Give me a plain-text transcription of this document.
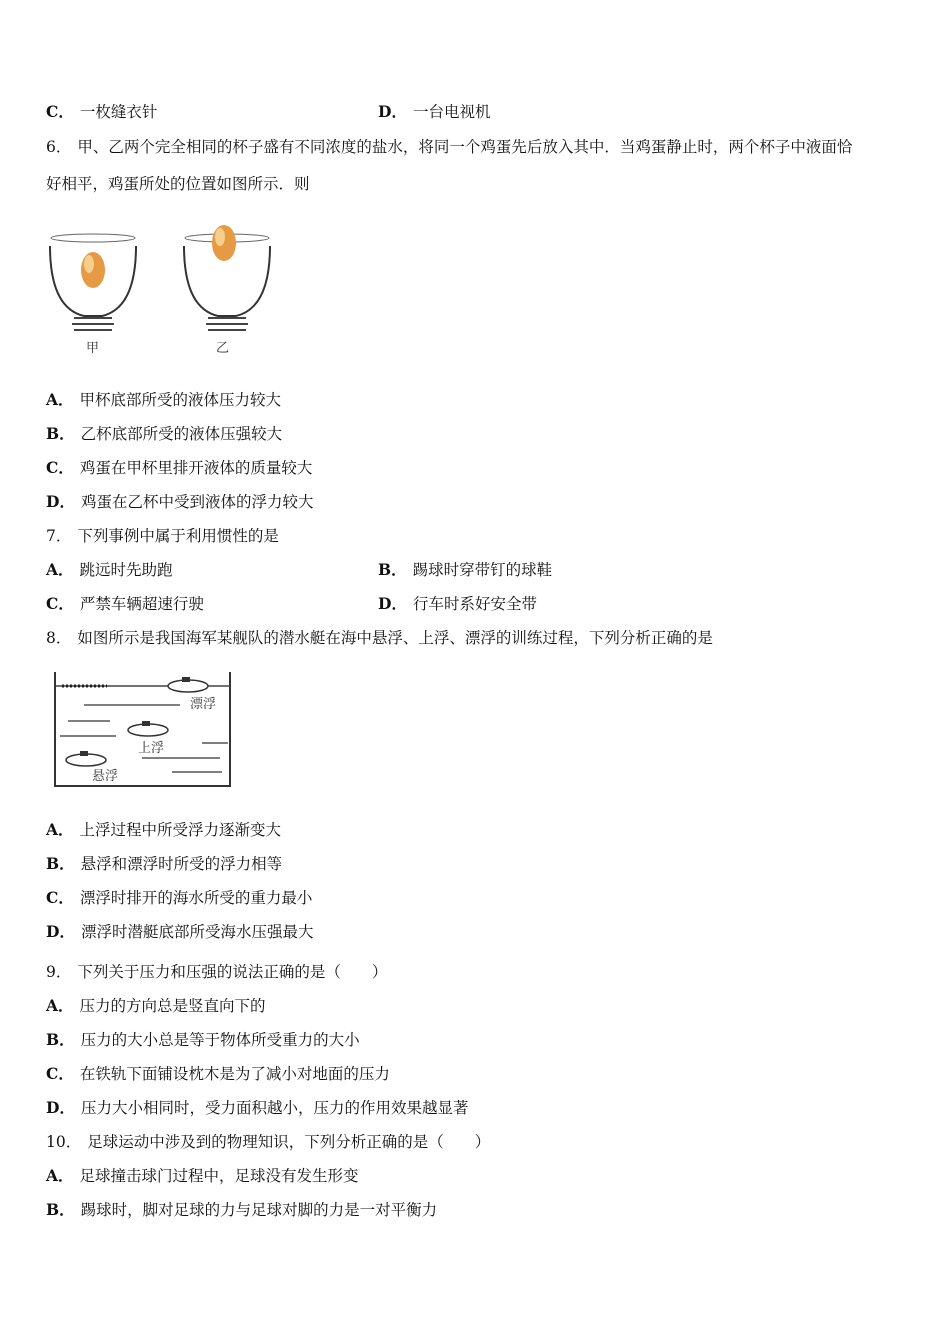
C． 一枚缝衣针	D． 一台电视机
6． 甲、乙两个完全相同的杯子盛有不同浓度的盐水，将同一个鸡蛋先后放入其中．当鸡蛋静止时，两个杯子中液面恰
好相平，鸡蛋所处的位置如图所示．则
甲	乙
A． 甲杯底部所受的液体压力较大
B． 乙杯底部所受的液体压强较大
C． 鸡蛋在甲杯里排开液体的质量较大
D． 鸡蛋在乙杯中受到液体的浮力较大
7． 下列事例中属于利用惯性的是
A． 跳远时先助跑	B． 踢球时穿带钉的球鞋
C． 严禁车辆超速行驶	D． 行车时系好安全带
8． 如图所示是我国海军某舰队的潜水艇在海中悬浮、上浮、漂浮的训练过程，下列分析正确的是
漂浮
上浮
悬浮
A． 上浮过程中所受浮力逐渐变大
B． 悬浮和漂浮时所受的浮力相等
C． 漂浮时排开的海水所受的重力最小
D． 漂浮时潜艇底部所受海水压强最大
9． 下列关于压力和压强的说法正确的是（　　）
A． 压力的方向总是竖直向下的
B． 压力的大小总是等于物体所受重力的大小
C． 在铁轨下面铺设枕木是为了减小对地面的压力
D． 压力大小相同时，受力面积越小，压力的作用效果越显著
10． 足球运动中涉及到的物理知识，下列分析正确的是（　　）
A． 足球撞击球门过程中，足球没有发生形变
B． 踢球时，脚对足球的力与足球对脚的力是一对平衡力
